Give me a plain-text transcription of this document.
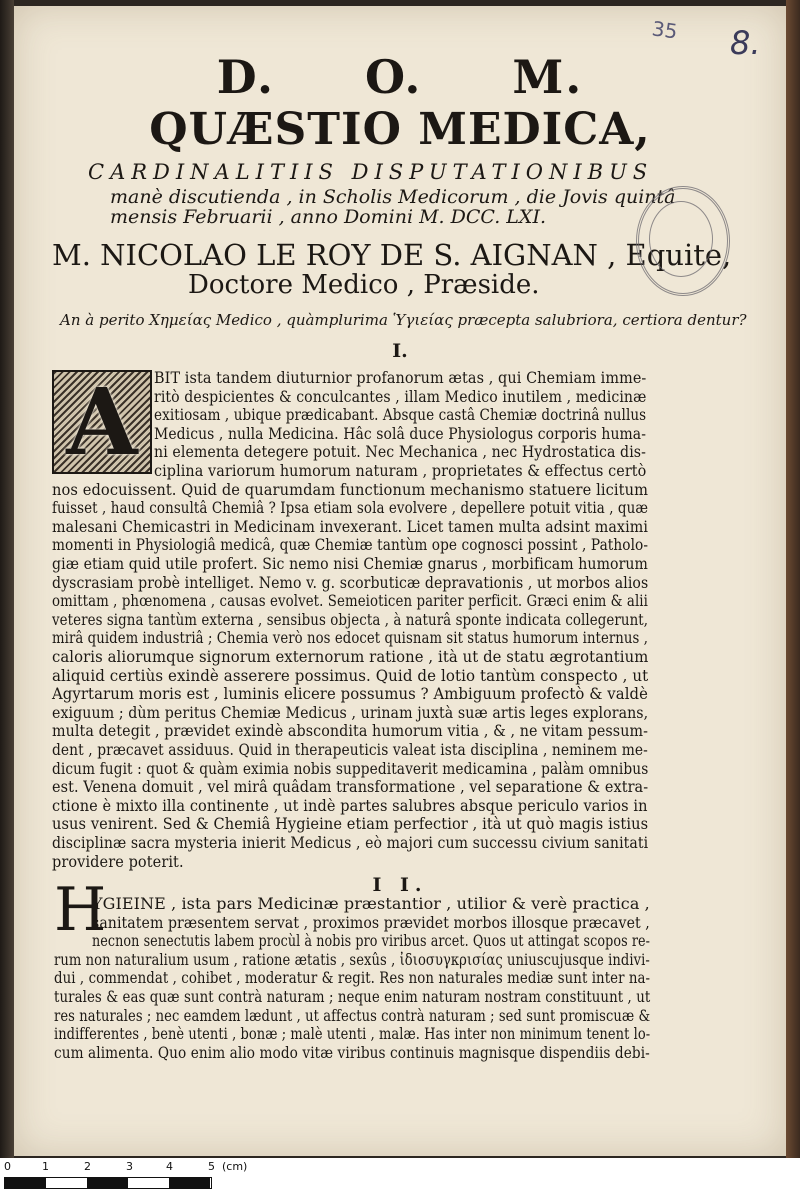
35 8.
D. O. M.
QUÆSTIO MEDICA,
CARDINALITIIS DISPUTATIONIBUS
manè discutienda , in Scholis Medicorum , die Jovis quintâ
mensis Februarii , anno Domini M. DCC. LXI.
M. NICOLAO LE ROY DE S. AIGNAN , Equite,
Doctore Medico , Præside.
An à perito Χημείας Medico , quàmplurima Ὑγιείας præcepta salubriora, certiora dentur?
I.
A	BIT ista tandem diuturnior profanorum ætas , qui Chemiam imme-
ritò despicientes & conculcantes , illam Medico inutilem , medicinæ
exitiosam , ubique prædicabant. Absque castâ Chemiæ doctrinâ nullus
Medicus , nulla Medicina. Hâc solâ duce Physiologus corporis huma-
ni elementa detegere potuit. Nec Mechanica , nec Hydrostatica dis-
ciplina variorum humorum naturam , proprietates & effectus certò
nos edocuissent. Quid de quarumdam functionum mechanismo statuere licitum
fuisset , haud consultâ Chemiâ ? Ipsa etiam sola evolvere , depellere potuit vitia , quæ
malesani Chemicastri in Medicinam invexerant. Licet tamen multa adsint maximi
momenti in Physiologiâ medicâ, quæ Chemiæ tantùm ope cognosci possint , Patholo-
giæ etiam quid utile profert. Sic nemo nisi Chemiæ gnarus , morbificam humorum
dyscrasiam probè intelliget. Nemo v. g. scorbuticæ depravationis , ut morbos alios
omittam , phœnomena , causas evolvet. Semeioticen pariter perficit. Græci enim & alii
veteres signa tantùm externa , sensibus objecta , à naturâ sponte indicata collegerunt,
mirâ quidem industriâ ; Chemia verò nos edocet quisnam sit status humorum internus ,
caloris aliorumque signorum externorum ratione , ità ut de statu ægrotantium
aliquid certiùs exindè asserere possimus. Quid de lotio tantùm conspecto , ut
Agyrtarum moris est , luminis elicere possumus ? Ambiguum profectò & valdè
exiguum ; dùm peritus Chemiæ Medicus , urinam juxtà suæ artis leges explorans,
multa detegit , prævidet exindè abscondita humorum vitia , & , ne vitam pessum-
dent , præcavet assiduus. Quid in therapeuticis valeat ista disciplina , neminem me-
dicum fugit : quot & quàm eximia nobis suppeditaverit medicamina , palàm omnibus
est. Venena domuit , vel mirâ quâdam transformatione , vel separatione & extra-
ctione è mixto illa continente , ut indè partes salubres absque periculo varios in
usus venirent. Sed & Chemiâ Hygieine etiam perfectior , ità ut quò magis istius
disciplinæ sacra mysteria inierit Medicus , eò majori cum successu civium sanitati
providere poterit.
I I.
H
YGIEINE , ista pars Medicinæ præstantior , utilior & verè practica ,
sanitatem præsentem servat , proximos prævidet morbos illosque præcavet ,
necnon senectutis labem procùl à nobis pro viribus arcet. Quos ut attingat scopos re-
rum non naturalium usum , ratione ætatis , sexûs , ἰδιοσυγκρισίας uniuscujusque indivi-
dui , commendat , cohibet , moderatur & regit. Res non naturales mediæ sunt inter na-
turales & eas quæ sunt contrà naturam ; neque enim naturam nostram constituunt , ut
res naturales ; nec eamdem lædunt , ut affectus contrà naturam ; sed sunt promiscuæ &
indifferentes , benè utenti , bonæ ; malè utenti , malæ. Has inter non minimum tenent lo-
cum alimenta. Quo enim alio modo vitæ viribus continuis magnisque dispendiis debi-
0	1	2	3	4	5 (cm)
